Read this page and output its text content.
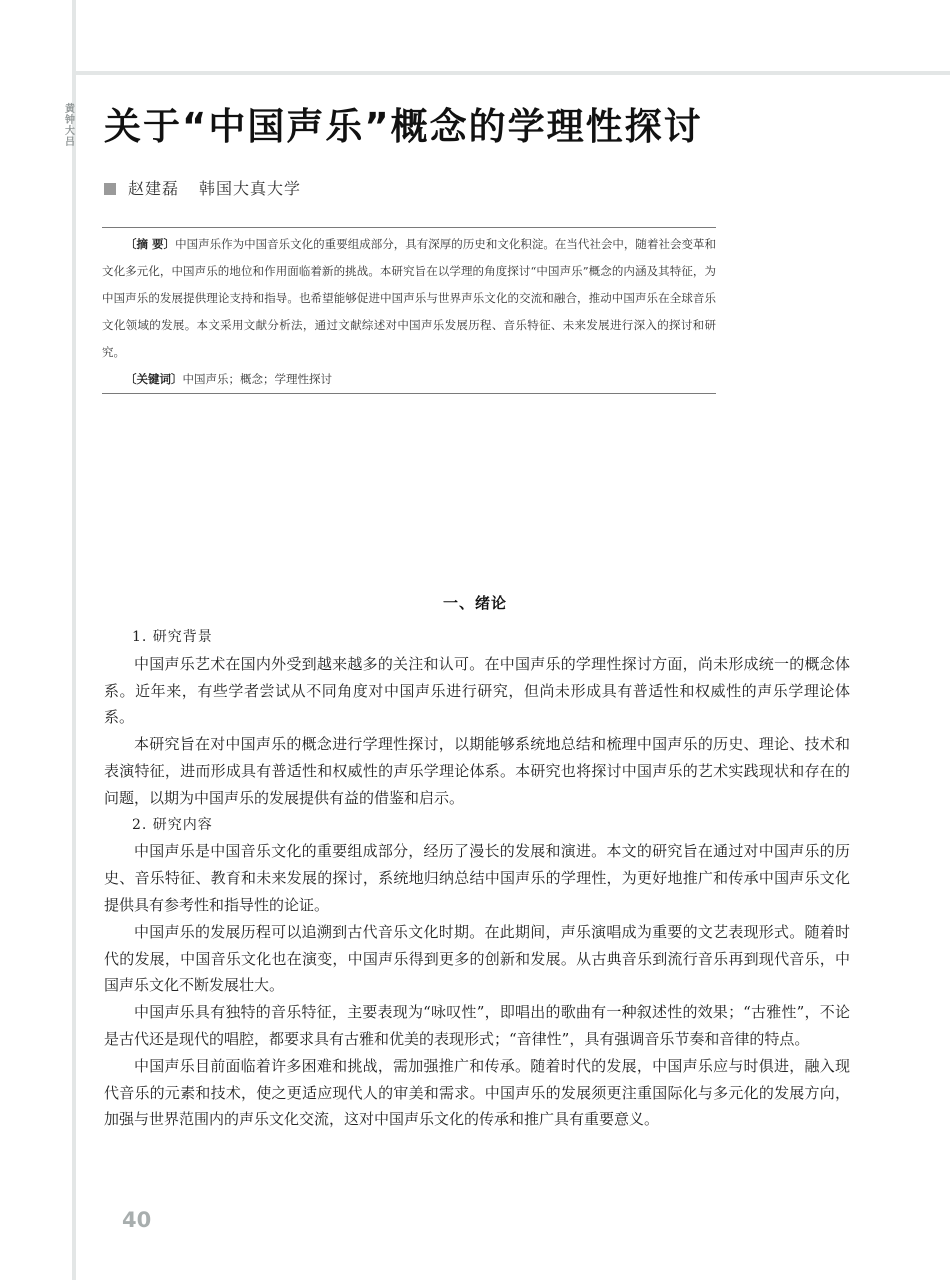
黄钟大吕 关于“中国声乐”概念的学理性探讨
赵建磊 韩国大真大学

〔摘 要〕中国声乐作为中国音乐文化的重要组成部分，具有深厚的历史和文化积淀。在当代社会中，随着社会变革和文化多元化，中国声乐的地位和作用面临着新的挑战。本研究旨在以学理的角度探讨“中国声乐”概念的内涵及其特征，为中国声乐的发展提供理论支持和指导。也希望能够促进中国声乐与世界声乐文化的交流和融合，推动中国声乐在全球音乐文化领域的发展。本文采用文献分析法，通过文献综述对中国声乐发展历程、音乐特征、未来发展进行深入的探讨和研究。

〔关键词〕中国声乐；概念；学理性探讨

一、绪论

1. 研究背景

中国声乐艺术在国内外受到越来越多的关注和认可。在中国声乐的学理性探讨方面，尚未形成统一的概念体系。近年来，有些学者尝试从不同角度对中国声乐进行研究，但尚未形成具有普适性和权威性的声乐学理论体系。

本研究旨在对中国声乐的概念进行学理性探讨，以期能够系统地总结和梳理中国声乐的历史、理论、技术和表演特征，进而形成具有普适性和权威性的声乐学理论体系。本研究也将探讨中国声乐的艺术实践现状和存在的问题，以期为中国声乐的发展提供有益的借鉴和启示。

2. 研究内容

中国声乐是中国音乐文化的重要组成部分，经历了漫长的发展和演进。本文的研究旨在通过对中国声乐的历史、音乐特征、教育和未来发展的探讨，系统地归纳总结中国声乐的学理性，为更好地推广和传承中国声乐文化提供具有参考性和指导性的论证。

中国声乐的发展历程可以追溯到古代音乐文化时期。在此期间，声乐演唱成为重要的文艺表现形式。随着时代的发展，中国音乐文化也在演变，中国声乐得到更多的创新和发展。从古典音乐到流行音乐再到现代音乐，中国声乐文化不断发展壮大。

中国声乐具有独特的音乐特征，主要表现为“咏叹性”，即唱出的歌曲有一种叙述性的效果；“古雅性”，不论是古代还是现代的唱腔，都要求具有古雅和优美的表现形式；“音律性”，具有强调音乐节奏和音律的特点。

中国声乐目前面临着许多困难和挑战，需加强推广和传承。随着时代的发展，中国声乐应与时俱进，融入现代音乐的元素和技术，使之更适应现代人的审美和需求。中国声乐的发展须更注重国际化与多元化的发展方向，加强与世界范围内的声乐文化交流，这对中国声乐文化的传承和推广具有重要意义。

40
